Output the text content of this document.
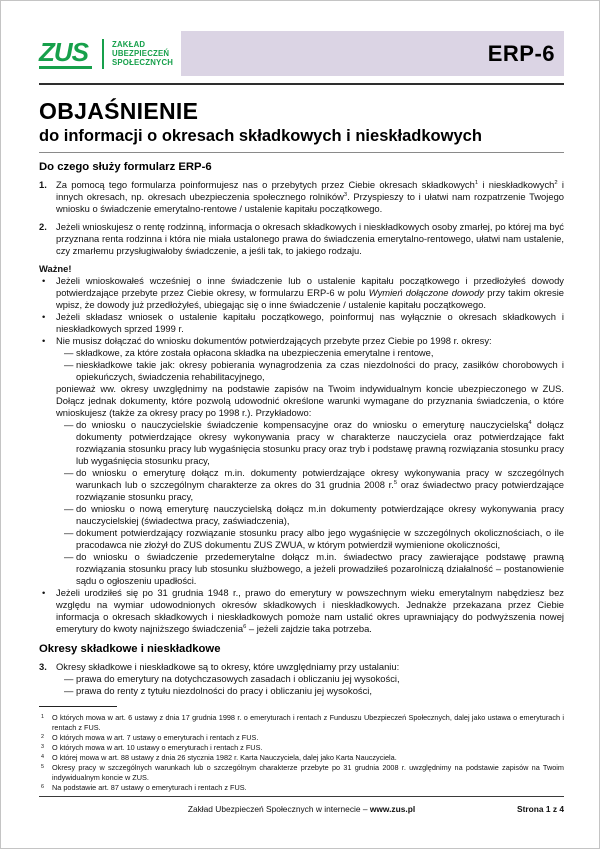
ZUS	ZAKŁAD
UBEZPIECZEŃ
SPOŁECZNYCH	ERP-6
OBJAŚNIENIE
do informacji o okresach składkowych i nieskładkowych
Do czego służy formularz ERP-6
1. Za pomocą tego formularza poinformujesz nas o przebytych przez Ciebie okresach składkowych$^1$ i nieskładkowych$^2$ i innych okresach, np. okresach ubezpieczenia społecznego rolników$^3$. Przyspieszy to i ułatwi nam rozpatrzenie Twojego wniosku o świadczenie emerytalno-rentowe / ustalenie kapitału początkowego.
2. Jeżeli wnioskujesz o rentę rodzinną, informacja o okresach składkowych i nieskładkowych osoby zmarłej, po której ma być przyznana renta rodzinna i która nie miała ustalonego prawa do świadczenia emerytalno-rentowego, ułatwi nam ustalenie, czy zmarłemu przysługiwałoby świadczenie, a jeśli tak, to jakiego rodzaju.
Ważne!
•	Jeżeli wnioskowałeś wcześniej o inne świadczenie lub o ustalenie kapitału początkowego i przedłożyłeś dowody potwierdzające przebyte przez Ciebie okresy, w formularzu ERP-6 w polu Wymień dołączone dowody przy takim okresie wpisz, że dowody już przedłożyłeś, ubiegając się o inne świadczenie / ustalenie kapitału początkowego.
•	Jeżeli składasz wniosek o ustalenie kapitału początkowego, poinformuj nas wyłącznie o okresach składkowych i nieskładkowych sprzed 1999 r.
•	Nie musisz dołączać do wniosku dokumentów potwierdzających przebyte przez Ciebie po 1998 r. okresy:
— składkowe, za które została opłacona składka na ubezpieczenia emerytalne i rentowe,
— nieskładkowe takie jak: okresy pobierania wynagrodzenia za czas niezdolności do pracy, zasiłków chorobowych i opiekuńczych, świadczenia rehabilitacyjnego,
ponieważ ww. okresy uwzględnimy na podstawie zapisów na Twoim indywidualnym koncie ubezpieczonego w ZUS. Dołącz jednak dokumenty, które pozwolą udowodnić określone warunki wymagane do przyznania świadczenia, o które wnioskujesz (także za okresy pracy po 1998 r.). Przykładowo:
— do wniosku o nauczycielskie świadczenie kompensacyjne oraz do wniosku o emeryturę nauczycielską$^4$ dołącz dokumenty potwierdzające okresy wykonywania pracy w charakterze nauczyciela oraz potwierdzające fakt rozwiązania stosunku pracy lub wygaśnięcia stosunku pracy oraz tryb i podstawę prawną rozwiązania stosunku pracy lub wygaśnięcia stosunku pracy,
— do wniosku o emeryturę dołącz m.in. dokumenty potwierdzające okresy wykonywania pracy w szczególnych warunkach lub o szczególnym charakterze za okres do 31 grudnia 2008 r.$^5$ oraz świadectwo pracy potwierdzające rozwiązanie stosunku pracy,
— do wniosku o nową emeryturę nauczycielską dołącz m.in dokumenty potwierdzające okresy wykonywania pracy nauczycielskiej (świadectwa pracy, zaświadczenia),
— dokument potwierdzający rozwiązanie stosunku pracy albo jego wygaśnięcie w szczególnych okolicznościach, o ile pracodawca nie złożył do ZUS dokumentu ZUS ZWUA, w którym potwierdził wymienione okoliczności,
— do wniosku o świadczenie przedemerytalne dołącz m.in. świadectwo pracy zawierające podstawę prawną rozwiązania stosunku pracy lub stosunku służbowego, a jeżeli prowadziłeś pozarolniczą działalność – postanowienie sądu o ogłoszeniu upadłości.
•	Jeżeli urodziłeś się po 31 grudnia 1948 r., prawo do emerytury w powszechnym wieku emerytalnym nabędziesz bez względu na wymiar udowodnionych okresów składkowych i nieskładkowych. Jednakże przekazana przez Ciebie informacja o okresach składkowych i nieskładkowych pomoże nam ustalić okres uprawniający do podwyższenia nowej emerytury do kwoty najniższego świadczenia$^6$ – jeżeli zajdzie taka potrzeba.
Okresy składkowe i nieskładkowe
3. Okresy składkowe i nieskładkowe są to okresy, które uwzględniamy przy ustalaniu:
— prawa do emerytury na dotychczasowych zasadach i obliczaniu jej wysokości,
— prawa do renty z tytułu niezdolności do pracy i obliczaniu jej wysokości,
1	O których mowa w art. 6 ustawy z dnia 17 grudnia 1998 r. o emeryturach i rentach z Funduszu Ubezpieczeń Społecznych, dalej jako ustawa o emeryturach i rentach z FUS.
2	O których mowa w art. 7 ustawy o emeryturach i rentach z FUS.
3	O których mowa w art. 10 ustawy o emeryturach i rentach z FUS.
4	O której mowa w art. 88 ustawy z dnia 26 stycznia 1982 r. Karta Nauczyciela, dalej jako Karta Nauczyciela.
5	Okresy pracy w szczególnych warunkach lub o szczególnym charakterze przebyte po 31 grudnia 2008 r. uwzględnimy na podstawie zapisów na Twoim indywidualnym koncie w ZUS.
6	Na podstawie art. 87 ustawy o emeryturach i rentach z FUS.
Zakład Ubezpieczeń Społecznych w internecie – www.zus.pl	Strona 1 z 4
